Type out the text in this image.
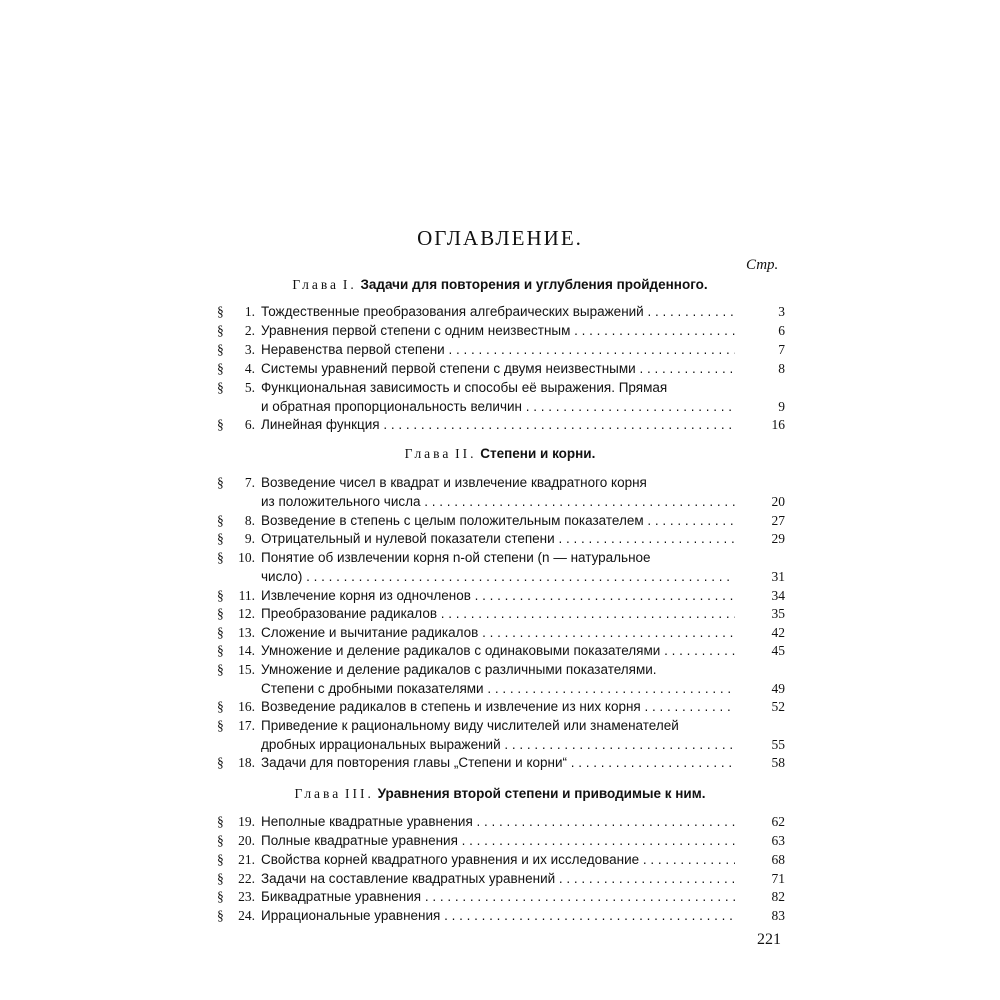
ОГЛАВЛЕНИЕ.
Стр.
Глава I. Задачи для повторения и углубления пройденного.
§ 1. Тождественные преобразования алгебраических выражений . . .	3
§ 2. Уравнения первой степени с одним неизвестным . . .	6
§ 3. Неравенства первой степени . . .	7
§ 4. Системы уравнений первой степени с двумя неизвестными . . .	8
§ 5. Функциональная зависимость и способы её выражения. Прямая
и обратная пропорциональность величин . . .	9
§ 6. Линейная функция . . .	16
Глава II. Степени и корни.
§ 7. Возведение чисел в квадрат и извлечение квадратного корня
из положительного числа . . .	20
§ 8. Возведение в степень с целым положительным показателем . . .	27
§ 9. Отрицательный и нулевой показатели степени . . .	29
§ 10. Понятие об извлечении корня n-ой степени (n — натуральное
число) . . .	31
§ 11. Извлечение корня из одночленов . . .	34
§ 12. Преобразование радикалов . . .	35
§ 13. Сложение и вычитание радикалов . . .	42
§ 14. Умножение и деление радикалов с одинаковыми показателями . . .	45
§ 15. Умножение и деление радикалов с различными показателями.
Степени с дробными показателями . . .	49
§ 16. Возведение радикалов в степень и извлечение из них корня . . .	52
§ 17. Приведение к рациональному виду числителей или знаменателей
дробных иррациональных выражений . . .	55
§ 18. Задачи для повторения главы „Степени и корни“ . . .	58
Глава III. Уравнения второй степени и приводимые к ним.
§ 19. Неполные квадратные уравнения . . .	62
§ 20. Полные квадратные уравнения . . .	63
§ 21. Свойства корней квадратного уравнения и их исследование . . .	68
§ 22. Задачи на составление квадратных уравнений . . .	71
§ 23. Биквадратные уравнения . . .	82
§ 24. Иррациональные уравнения . . .	83
221
